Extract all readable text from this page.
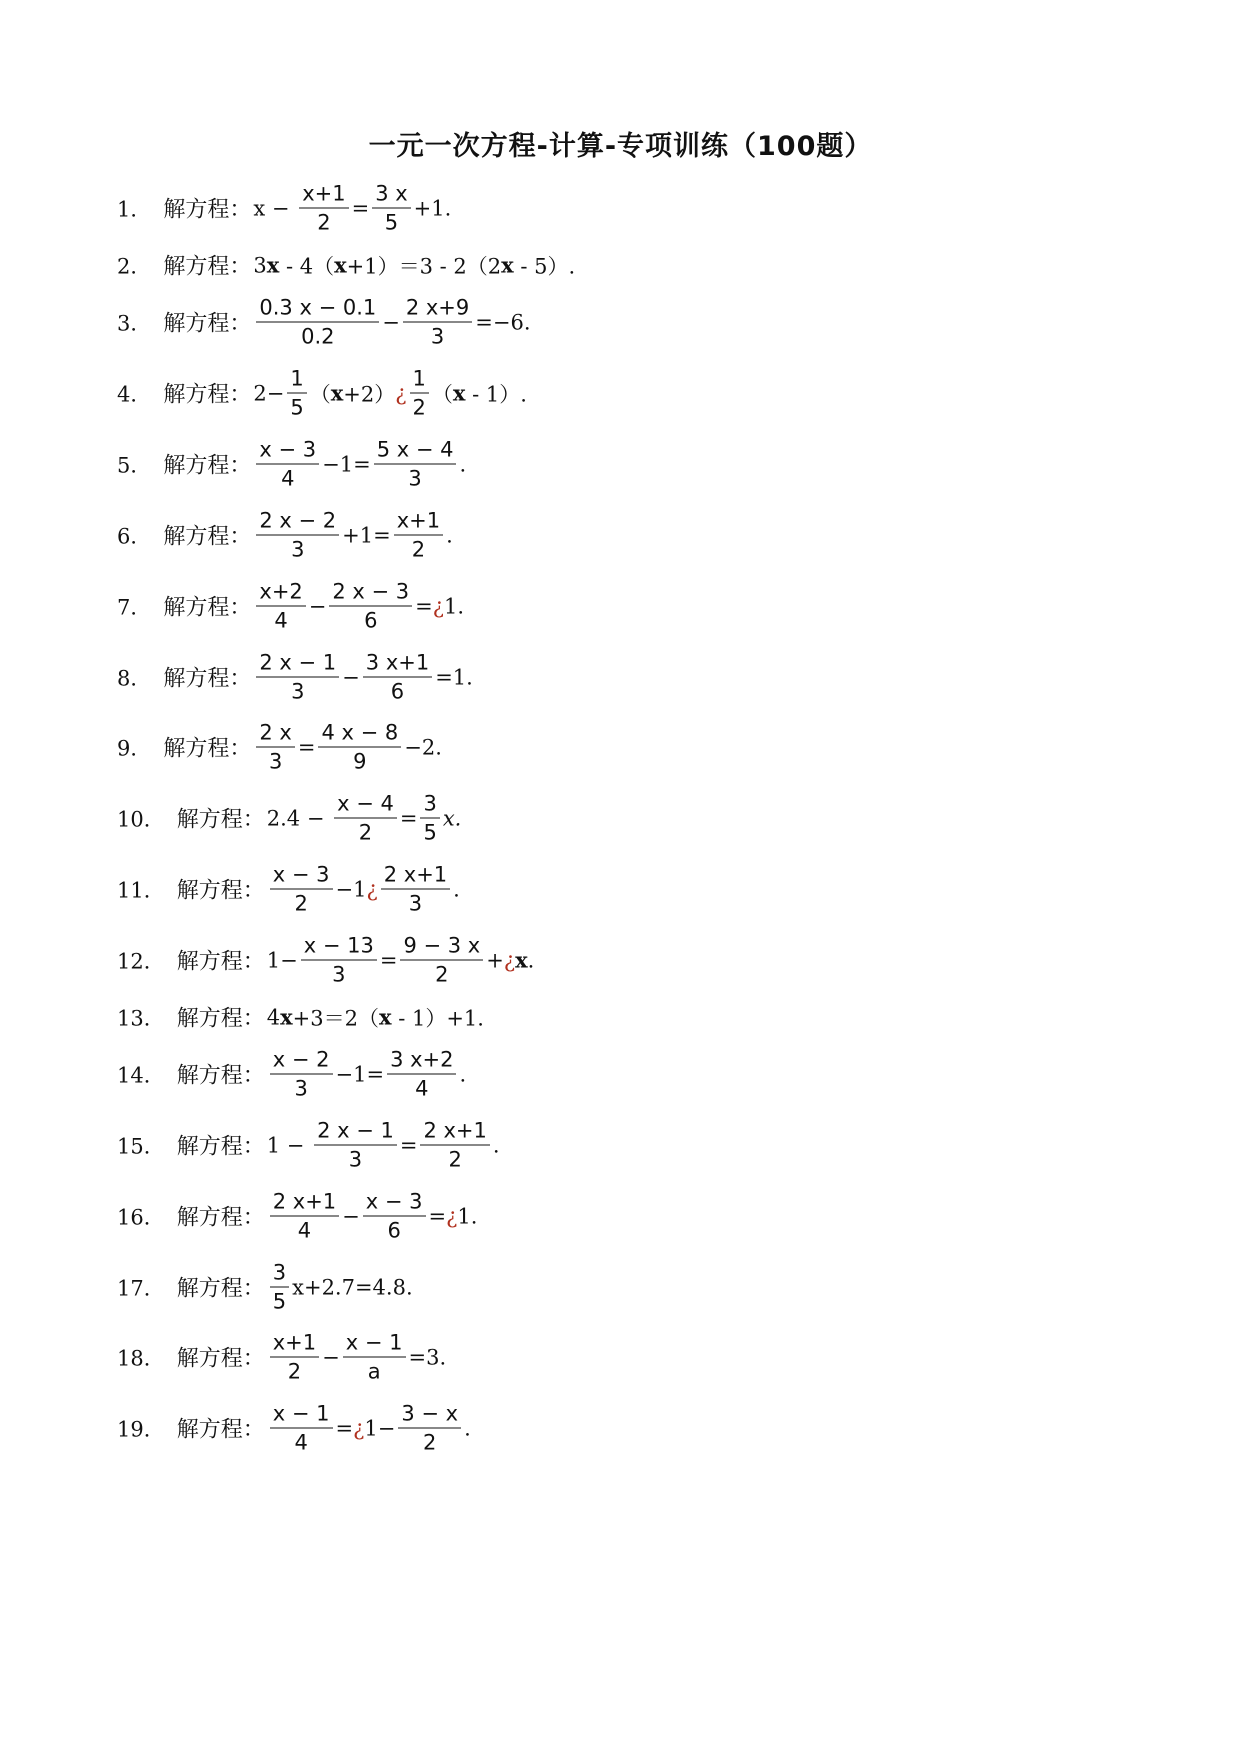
一元一次方程-计算-专项训练（100题）
1． 解方程： $x - \frac{x+1}{2} = \frac{3 x}{5} +1$.
2． 解方程： 3 x - 4（ x +1）＝3 - 2（2 x - 5）.
3． 解方程： $\frac{0.3 x - 0.1}{0.2} - \frac{2 x+9}{3} =-6$.
4． 解方程： $2- \frac{1}{5}$ （ x +2） ¿ $\frac{1}{2}$ （ x - 1）.
5． 解方程： $\frac{x - 3}{4} -1= \frac{5 x - 4}{3}$ .
6． 解方程： $\frac{2 x - 2}{3} +1= \frac{x+1}{2}$ .
7． 解方程： $\frac{x+2}{4} - \frac{2 x - 3}{6}$ = ¿ 1.
8． 解方程： $\frac{2 x - 1}{3} - \frac{3 x+1}{6} =1$.
9． 解方程： $\frac{2 x}{3} = \frac{4 x - 8}{9} -2$.
10． 解方程： $2.4 - \frac{x - 4}{2} = \frac{3}{5} x$.
11． 解方程： $\frac{x - 3}{2} -1$ ¿ $\frac{2 x+1}{3}$ .
12． 解方程： $1- \frac{x - 13}{3} = \frac{9 - 3 x}{2}$ + ¿ x .
13． 解方程： 4 x +3＝2（ x - 1）+1.
14． 解方程： $\frac{x - 2}{3} -1= \frac{3 x+2}{4}$ .
15． 解方程： $1 - \frac{2 x - 1}{3} = \frac{2 x+1}{2}$ .
16． 解方程： $\frac{2 x+1}{4} - \frac{x - 3}{6}$ = ¿ 1.
17． 解方程： $\frac{3}{5} x+2.7=4.8$.
18． 解方程： $\frac{x+1}{2} - \frac{x - 1}{a} =3$.
19． 解方程： $\frac{x - 1}{4}$ = ¿ $1- \frac{3 - x}{2}$ .
